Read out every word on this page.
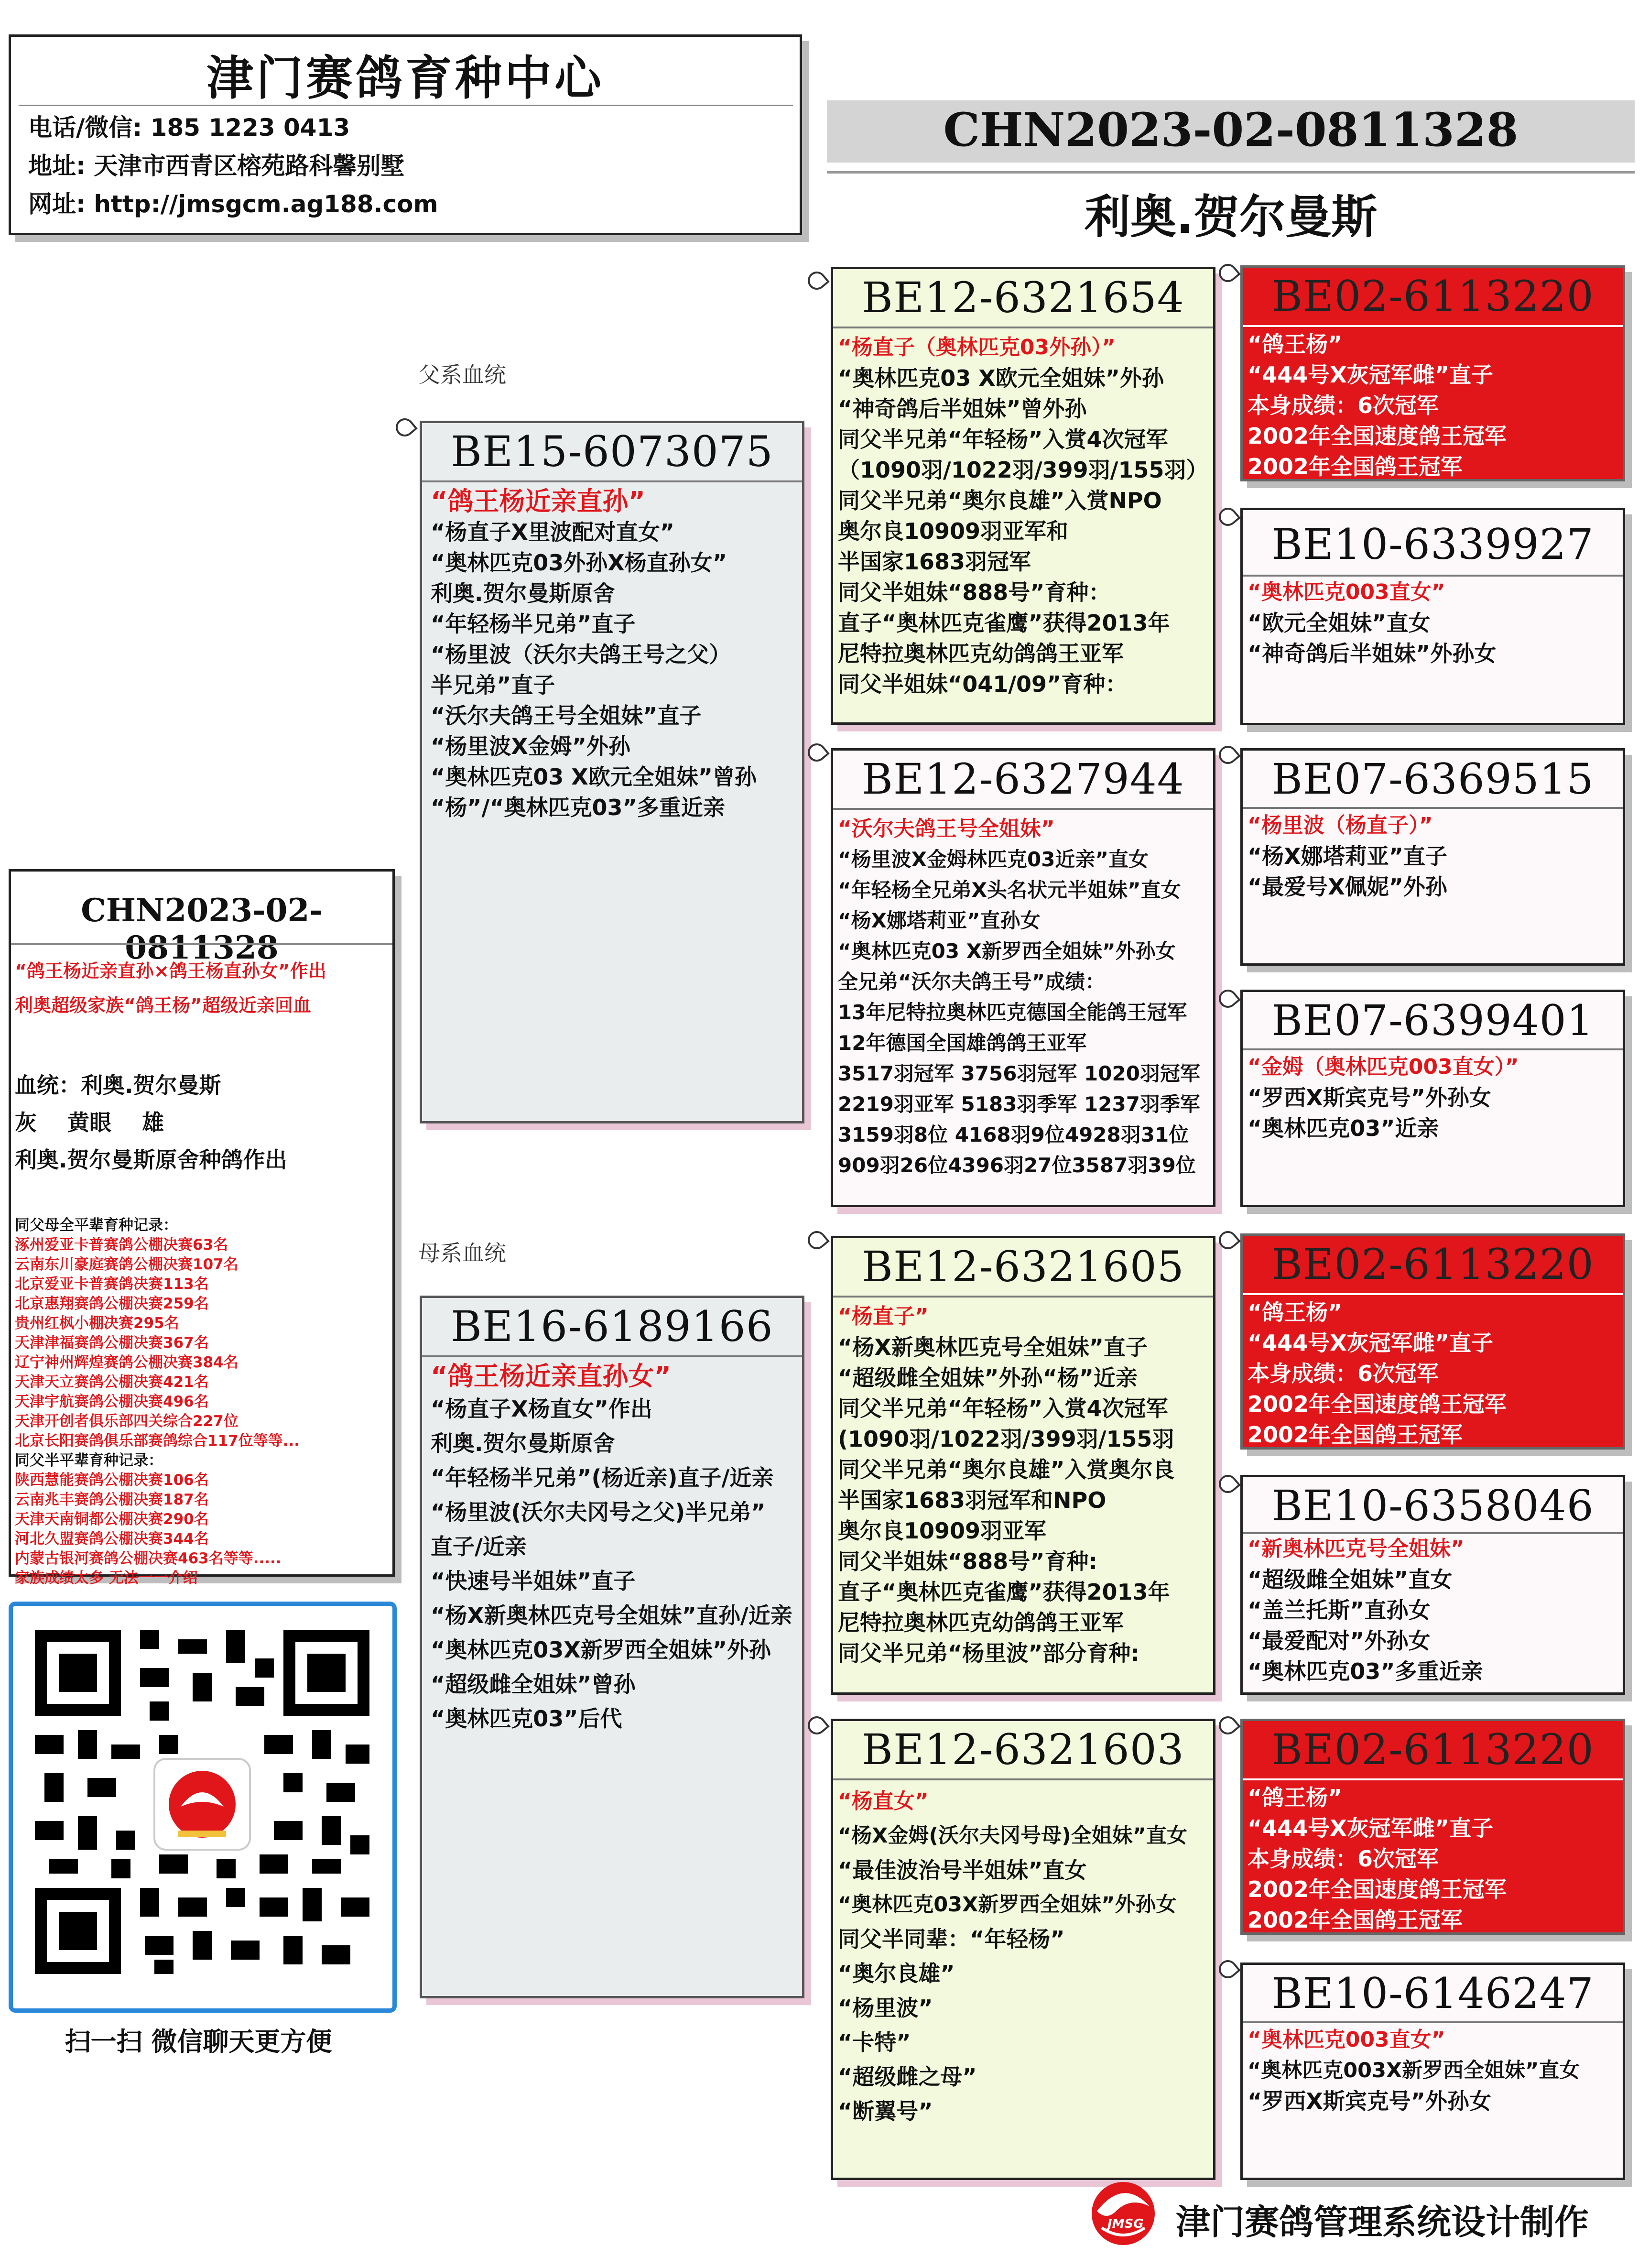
津门赛鸽育种中心
电话/微信: 185 1223 0413
地址: 天津市西青区榕苑路科馨别墅
网址: http://jmsgcm.ag188.com
CHN2023-02-0811328
利奥.贺尔曼斯
父系血统
母系血统
CHN2023-02-0811328
“鸽王杨近亲直孙×鸽王杨直孙女”作出
利奥超级家族“鸽王杨”超级近亲回血
血统：利奥.贺尔曼斯
灰    黄眼    雄
利奥.贺尔曼斯原舍种鸽作出
同父母全平辈育种记录：
涿州爱亚卡普赛鸽公棚决赛63名
云南东川豪庭赛鸽公棚决赛107名
北京爱亚卡普赛鸽决赛113名
北京惠翔赛鸽公棚决赛259名
贵州红枫小棚决赛295名
天津津福赛鸽公棚决赛367名
辽宁神州辉煌赛鸽公棚决赛384名
天津天立赛鸽公棚决赛421名
天津宇航赛鸽公棚决赛496名
天津开创者俱乐部四关综合227位
北京长阳赛鸽俱乐部赛鸽综合117位等等...
同父半平辈育种记录：
陕西慧能赛鸽公棚决赛106名
云南兆丰赛鸽公棚决赛187名
天津天南铜都公棚决赛290名
河北久盟赛鸽公棚决赛344名
内蒙古银河赛鸽公棚决赛463名等等.....
家族成绩太多 无法一一介绍
扫一扫 微信聊天更方便
BE15-6073075
“鸽王杨近亲直孙”
“杨直子X里波配对直女”
“奥林匹克03外孙X杨直孙女”
利奥.贺尔曼斯原舍
“年轻杨半兄弟”直子
“杨里波（沃尔夫鸽王号之父）
半兄弟”直子
“沃尔夫鸽王号全姐妹”直子
“杨里波X金姆”外孙
“奥林匹克03 X欧元全姐妹”曾孙
“杨”/“奥林匹克03”多重近亲
BE16-6189166
“鸽王杨近亲直孙女”
“杨直子X杨直女”作出
利奥.贺尔曼斯原舍
“年轻杨半兄弟”(杨近亲)直子/近亲
“杨里波(沃尔夫冈号之父)半兄弟”
直子/近亲
“快速号半姐妹”直子
“杨X新奥林匹克号全姐妹”直孙/近亲
“奥林匹克03X新罗西全姐妹”外孙
“超级雌全姐妹”曾孙
“奥林匹克03”后代
BE12-6321654
“杨直子（奥林匹克03外孙）”
“奥林匹克03 X欧元全姐妹”外孙
“神奇鸽后半姐妹”曾外孙
同父半兄弟“年轻杨”入赏4次冠军
（1090羽/1022羽/399羽/155羽）
同父半兄弟“奥尔良雄”入赏NPO
奥尔良10909羽亚军和
半国家1683羽冠军
同父半姐妹“888号”育种：
直子“奥林匹克雀鹰”获得2013年
尼特拉奥林匹克幼鸽鸽王亚军
同父半姐妹“041/09”育种：
BE12-6327944
“沃尔夫鸽王号全姐妹”
“杨里波X金姆林匹克03近亲”直女
“年轻杨全兄弟X头名状元半姐妹”直女
“杨X娜塔莉亚”直孙女
“奥林匹克03 X新罗西全姐妹”外孙女
全兄弟“沃尔夫鸽王号”成绩：
13年尼特拉奥林匹克德国全能鸽王冠军
12年德国全国雄鸽鸽王亚军
3517羽冠军 3756羽冠军 1020羽冠军
2219羽亚军 5183羽季军 1237羽季军
3159羽8位 4168羽9位4928羽31位
909羽26位4396羽27位3587羽39位
BE12-6321605
“杨直子”
“杨X新奥林匹克号全姐妹”直子
“超级雌全姐妹”外孙“杨”近亲
同父半兄弟“年轻杨”入赏4次冠军
(1090羽/1022羽/399羽/155羽
同父半兄弟“奥尔良雄”入赏奥尔良
半国家1683羽冠军和NPO
奥尔良10909羽亚军
同父半姐妹“888号”育种:
直子“奥林匹克雀鹰”获得2013年
尼特拉奥林匹克幼鸽鸽王亚军
同父半兄弟“杨里波”部分育种:
BE12-6321603
“杨直女”
“杨X金姆(沃尔夫冈号母)全姐妹”直女
“最佳波治号半姐妹”直女
“奥林匹克03X新罗西全姐妹”外孙女
同父半同辈：“年轻杨”
“奥尔良雄”
“杨里波”
“卡特”
“超级雌之母”
“断翼号”
BE02-6113220
“鸽王杨”
“444号X灰冠军雌”直子
本身成绩：6次冠军
2002年全国速度鸽王冠军
2002年全国鸽王冠军
BE02-6113220
“鸽王杨”
“444号X灰冠军雌”直子
本身成绩：6次冠军
2002年全国速度鸽王冠军
2002年全国鸽王冠军
BE02-6113220
“鸽王杨”
“444号X灰冠军雌”直子
本身成绩：6次冠军
2002年全国速度鸽王冠军
2002年全国鸽王冠军
BE10-6339927
“奥林匹克003直女”
“欧元全姐妹”直女
“神奇鸽后半姐妹”外孙女
BE07-6369515
“杨里波（杨直子）”
“杨X娜塔莉亚”直子
“最爱号X佩妮”外孙
BE07-6399401
“金姆（奥林匹克003直女）”
“罗西X斯宾克号”外孙女
“奥林匹克03”近亲
BE10-6358046
“新奥林匹克号全姐妹”
“超级雌全姐妹”直女
“盖兰托斯”直孙女
“最爱配对”外孙女
“奥林匹克03”多重近亲
BE10-6146247
“奥林匹克003直女”
“奥林匹克003X新罗西全姐妹”直女
“罗西X斯宾克号”外孙女
JMSG 津门赛鸽管理系统设计制作
